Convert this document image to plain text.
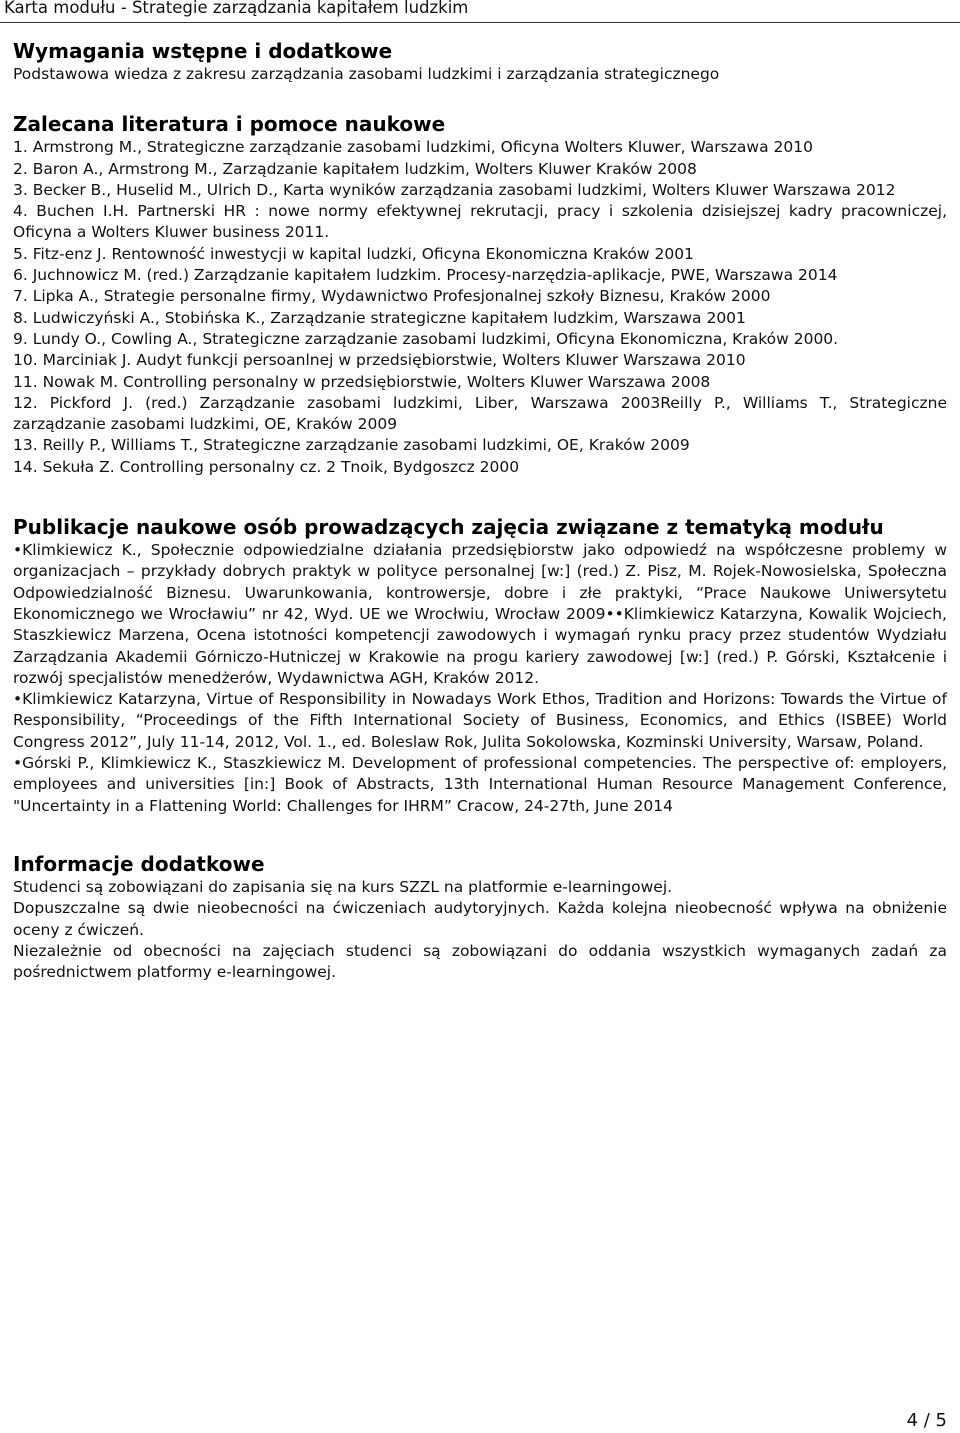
Karta modułu - Strategie zarządzania kapitałem ludzkim
Wymagania wstępne i dodatkowe

Podstawowa wiedza z zakresu zarządzania zasobami ludzkimi i zarządzania strategicznego

Zalecana literatura i pomoce naukowe
1. Armstrong M., Strategiczne zarządzanie zasobami ludzkimi, Oficyna Wolters Kluwer, Warszawa 2010
2. Baron A., Armstrong M., Zarządzanie kapitałem ludzkim, Wolters Kluwer Kraków 2008
3. Becker B., Huselid M., Ulrich D., Karta wyników zarządzania zasobami ludzkimi, Wolters Kluwer Warszawa 2012
4. Buchen I.H. Partnerski HR : nowe normy efektywnej rekrutacji, pracy i szkolenia dzisiejszej kadry pracowniczej, Oficyna a Wolters Kluwer business 2011.
5. Fitz-enz J. Rentowność inwestycji w kapital ludzki, Oficyna Ekonomiczna Kraków 2001
6. Juchnowicz M. (red.) Zarządzanie kapitałem ludzkim. Procesy-narzędzia-aplikacje, PWE, Warszawa 2014
7. Lipka A., Strategie personalne firmy, Wydawnictwo Profesjonalnej szkoły Biznesu, Kraków 2000
8. Ludwiczyński A., Stobińska K., Zarządzanie strategiczne kapitałem ludzkim, Warszawa 2001
9. Lundy O., Cowling A., Strategiczne zarządzanie zasobami ludzkimi, Oficyna Ekonomiczna, Kraków 2000.
10. Marciniak J. Audyt funkcji persoanlnej w przedsiębiorstwie, Wolters Kluwer Warszawa 2010
11. Nowak M. Controlling personalny w przedsiębiorstwie, Wolters Kluwer Warszawa 2008
12. Pickford J. (red.) Zarządzanie zasobami ludzkimi, Liber, Warszawa 2003Reilly P., Williams T., Strategiczne zarządzanie zasobami ludzkimi, OE, Kraków 2009
13. Reilly P., Williams T., Strategiczne zarządzanie zasobami ludzkimi, OE, Kraków 2009
14. Sekuła Z. Controlling personalny cz. 2 Tnoik, Bydgoszcz 2000
Publikacje naukowe osób prowadzących zajęcia związane z tematyką modułu

•Klimkiewicz K., Społecznie odpowiedzialne działania przedsiębiorstw jako odpowiedź na współczesne problemy w organizacjach – przykłady dobrych praktyk w polityce personalnej [w:] (red.) Z. Pisz, M. Rojek-Nowosielska, Społeczna Odpowiedzialność Biznesu. Uwarunkowania, kontrowersje, dobre i złe praktyki, “Prace Naukowe Uniwersytetu Ekonomicznego we Wrocławiu” nr 42, Wyd. UE we Wrocłwiu, Wrocław 2009••Klimkiewicz Katarzyna, Kowalik Wojciech, Staszkiewicz Marzena, Ocena istotności kompetencji zawodowych i wymagań rynku pracy przez studentów Wydziału Zarządzania Akademii Górniczo-Hutniczej w Krakowie na progu kariery zawodowej [w:] (red.) P. Górski, Kształcenie i rozwój specjalistów menedżerów, Wydawnictwa AGH, Kraków 2012.

•Klimkiewicz Katarzyna, Virtue of Responsibility in Nowadays Work Ethos, Tradition and Horizons: Towards the Virtue of Responsibility, “Proceedings of the Fifth International Society of Business, Economics, and Ethics (ISBEE) World Congress 2012”, July 11-14, 2012, Vol. 1., ed. Boleslaw Rok, Julita Sokolowska, Kozminski University, Warsaw, Poland.

•Górski P., Klimkiewicz K., Staszkiewicz M. Development of professional competencies. The perspective of: employers, employees and universities [in:] Book of Abstracts, 13th International Human Resource Management Conference, "Uncertainty in a Flattening World: Challenges for IHRM” Cracow, 24-27th, June 2014

Informacje dodatkowe

Studenci są zobowiązani do zapisania się na kurs SZZL na platformie e-learningowej.

Dopuszczalne są dwie nieobecności na ćwiczeniach audytoryjnych. Każda kolejna nieobecność wpływa na obniżenie oceny z ćwiczeń.

Niezależnie od obecności na zajęciach studenci są zobowiązani do oddania wszystkich wymaganych zadań za pośrednictwem platformy e-learningowej.

4 / 5
